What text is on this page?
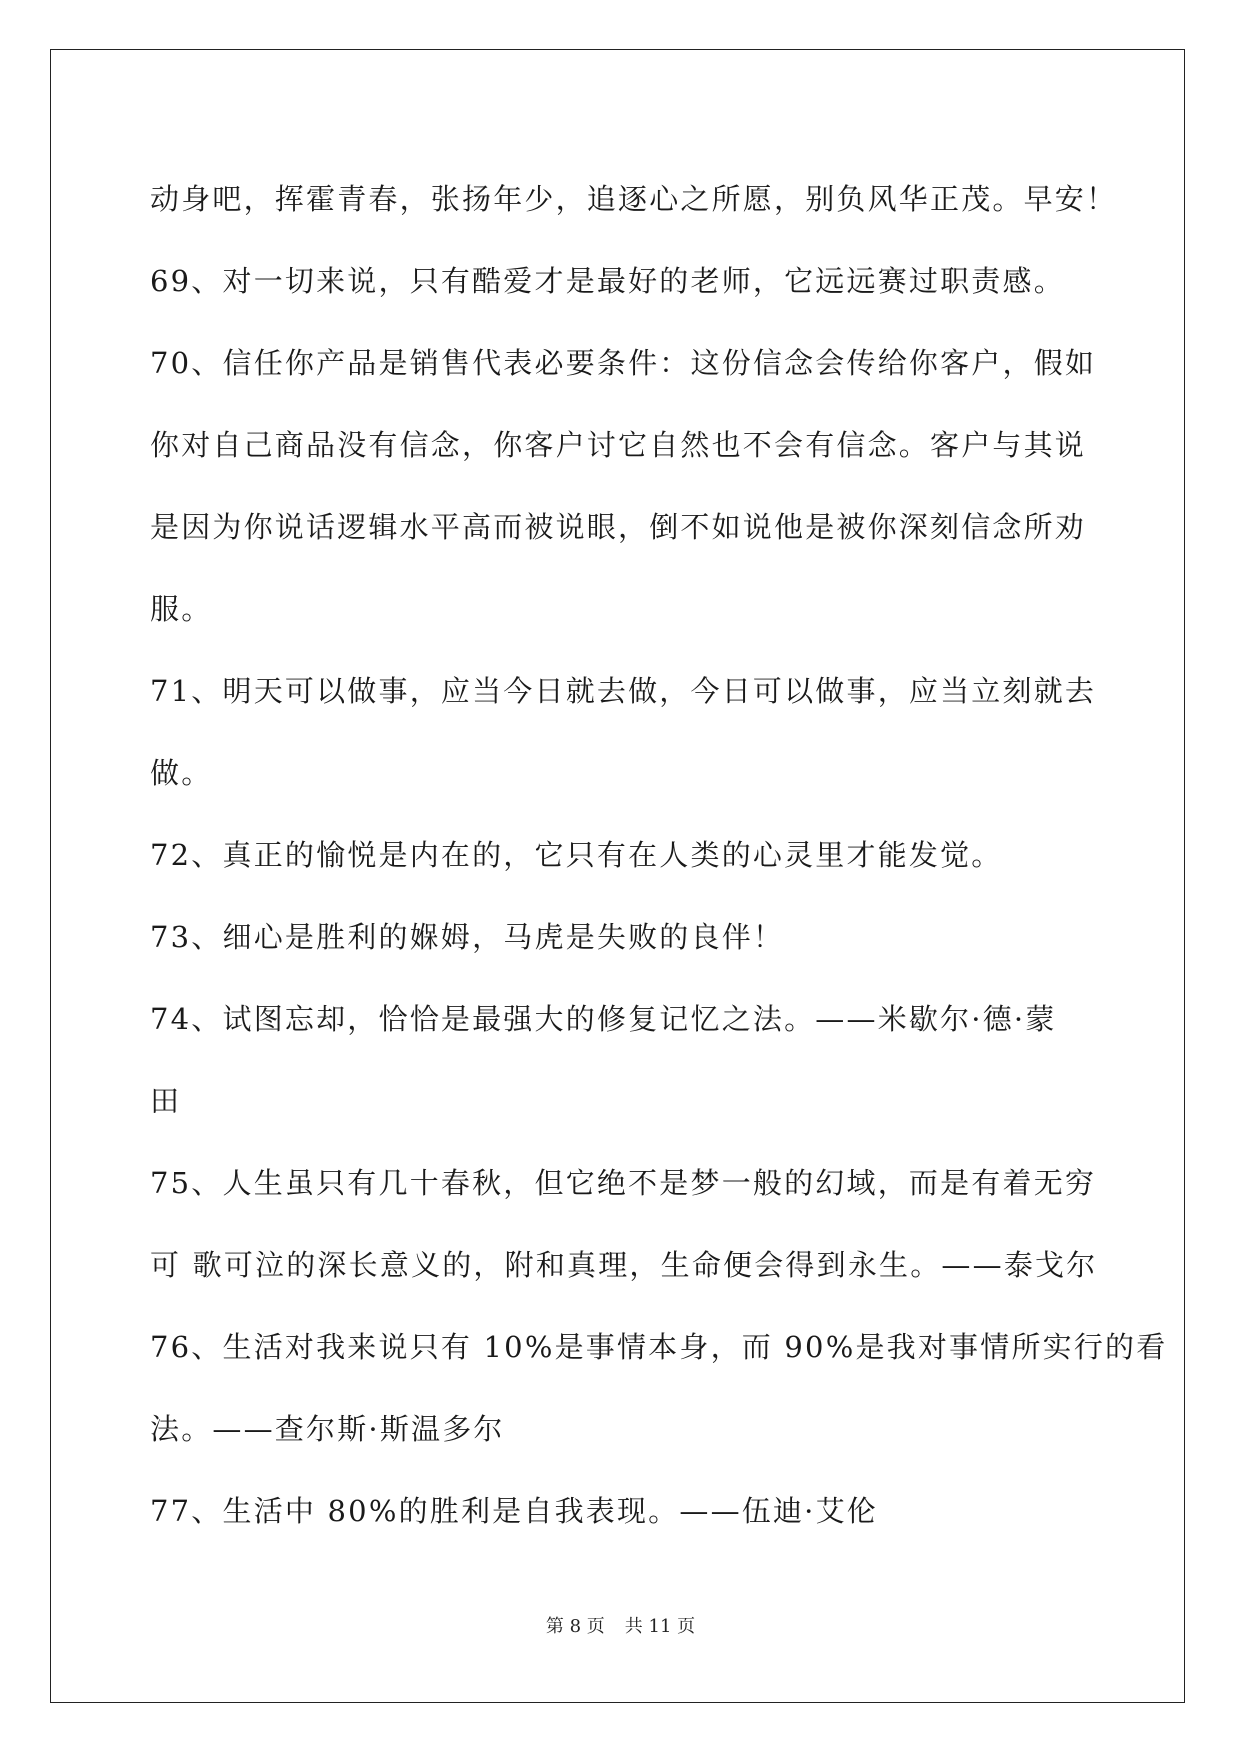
动身吧，挥霍青春，张扬年少，追逐心之所愿，别负风华正茂。早安！
69、对一切来说，只有酷爱才是最好的老师，它远远赛过职责感。
70、信任你产品是销售代表必要条件：这份信念会传给你客户，假如
你对自己商品没有信念，你客户讨它自然也不会有信念。客户与其说
是因为你说话逻辑水平高而被说眼，倒不如说他是被你深刻信念所劝
服。
71、明天可以做事，应当今日就去做，今日可以做事，应当立刻就去
做。
72、真正的愉悦是内在的，它只有在人类的心灵里才能发觉。
73、细心是胜利的媬姆，马虎是失败的良伴！
74、试图忘却，恰恰是最强大的修复记忆之法。——米歇尔·德·蒙
田
75、人生虽只有几十春秋，但它绝不是梦一般的幻域，而是有着无穷
可 歌可泣的深长意义的，附和真理，生命便会得到永生。——泰戈尔
76、生活对我来说只有 10%是事情本身，而 90%是我对事情所实行的看
法。——查尔斯·斯温多尔
77、生活中 80%的胜利是自我表现。——伍迪·艾伦
第 8 页 共 11 页
